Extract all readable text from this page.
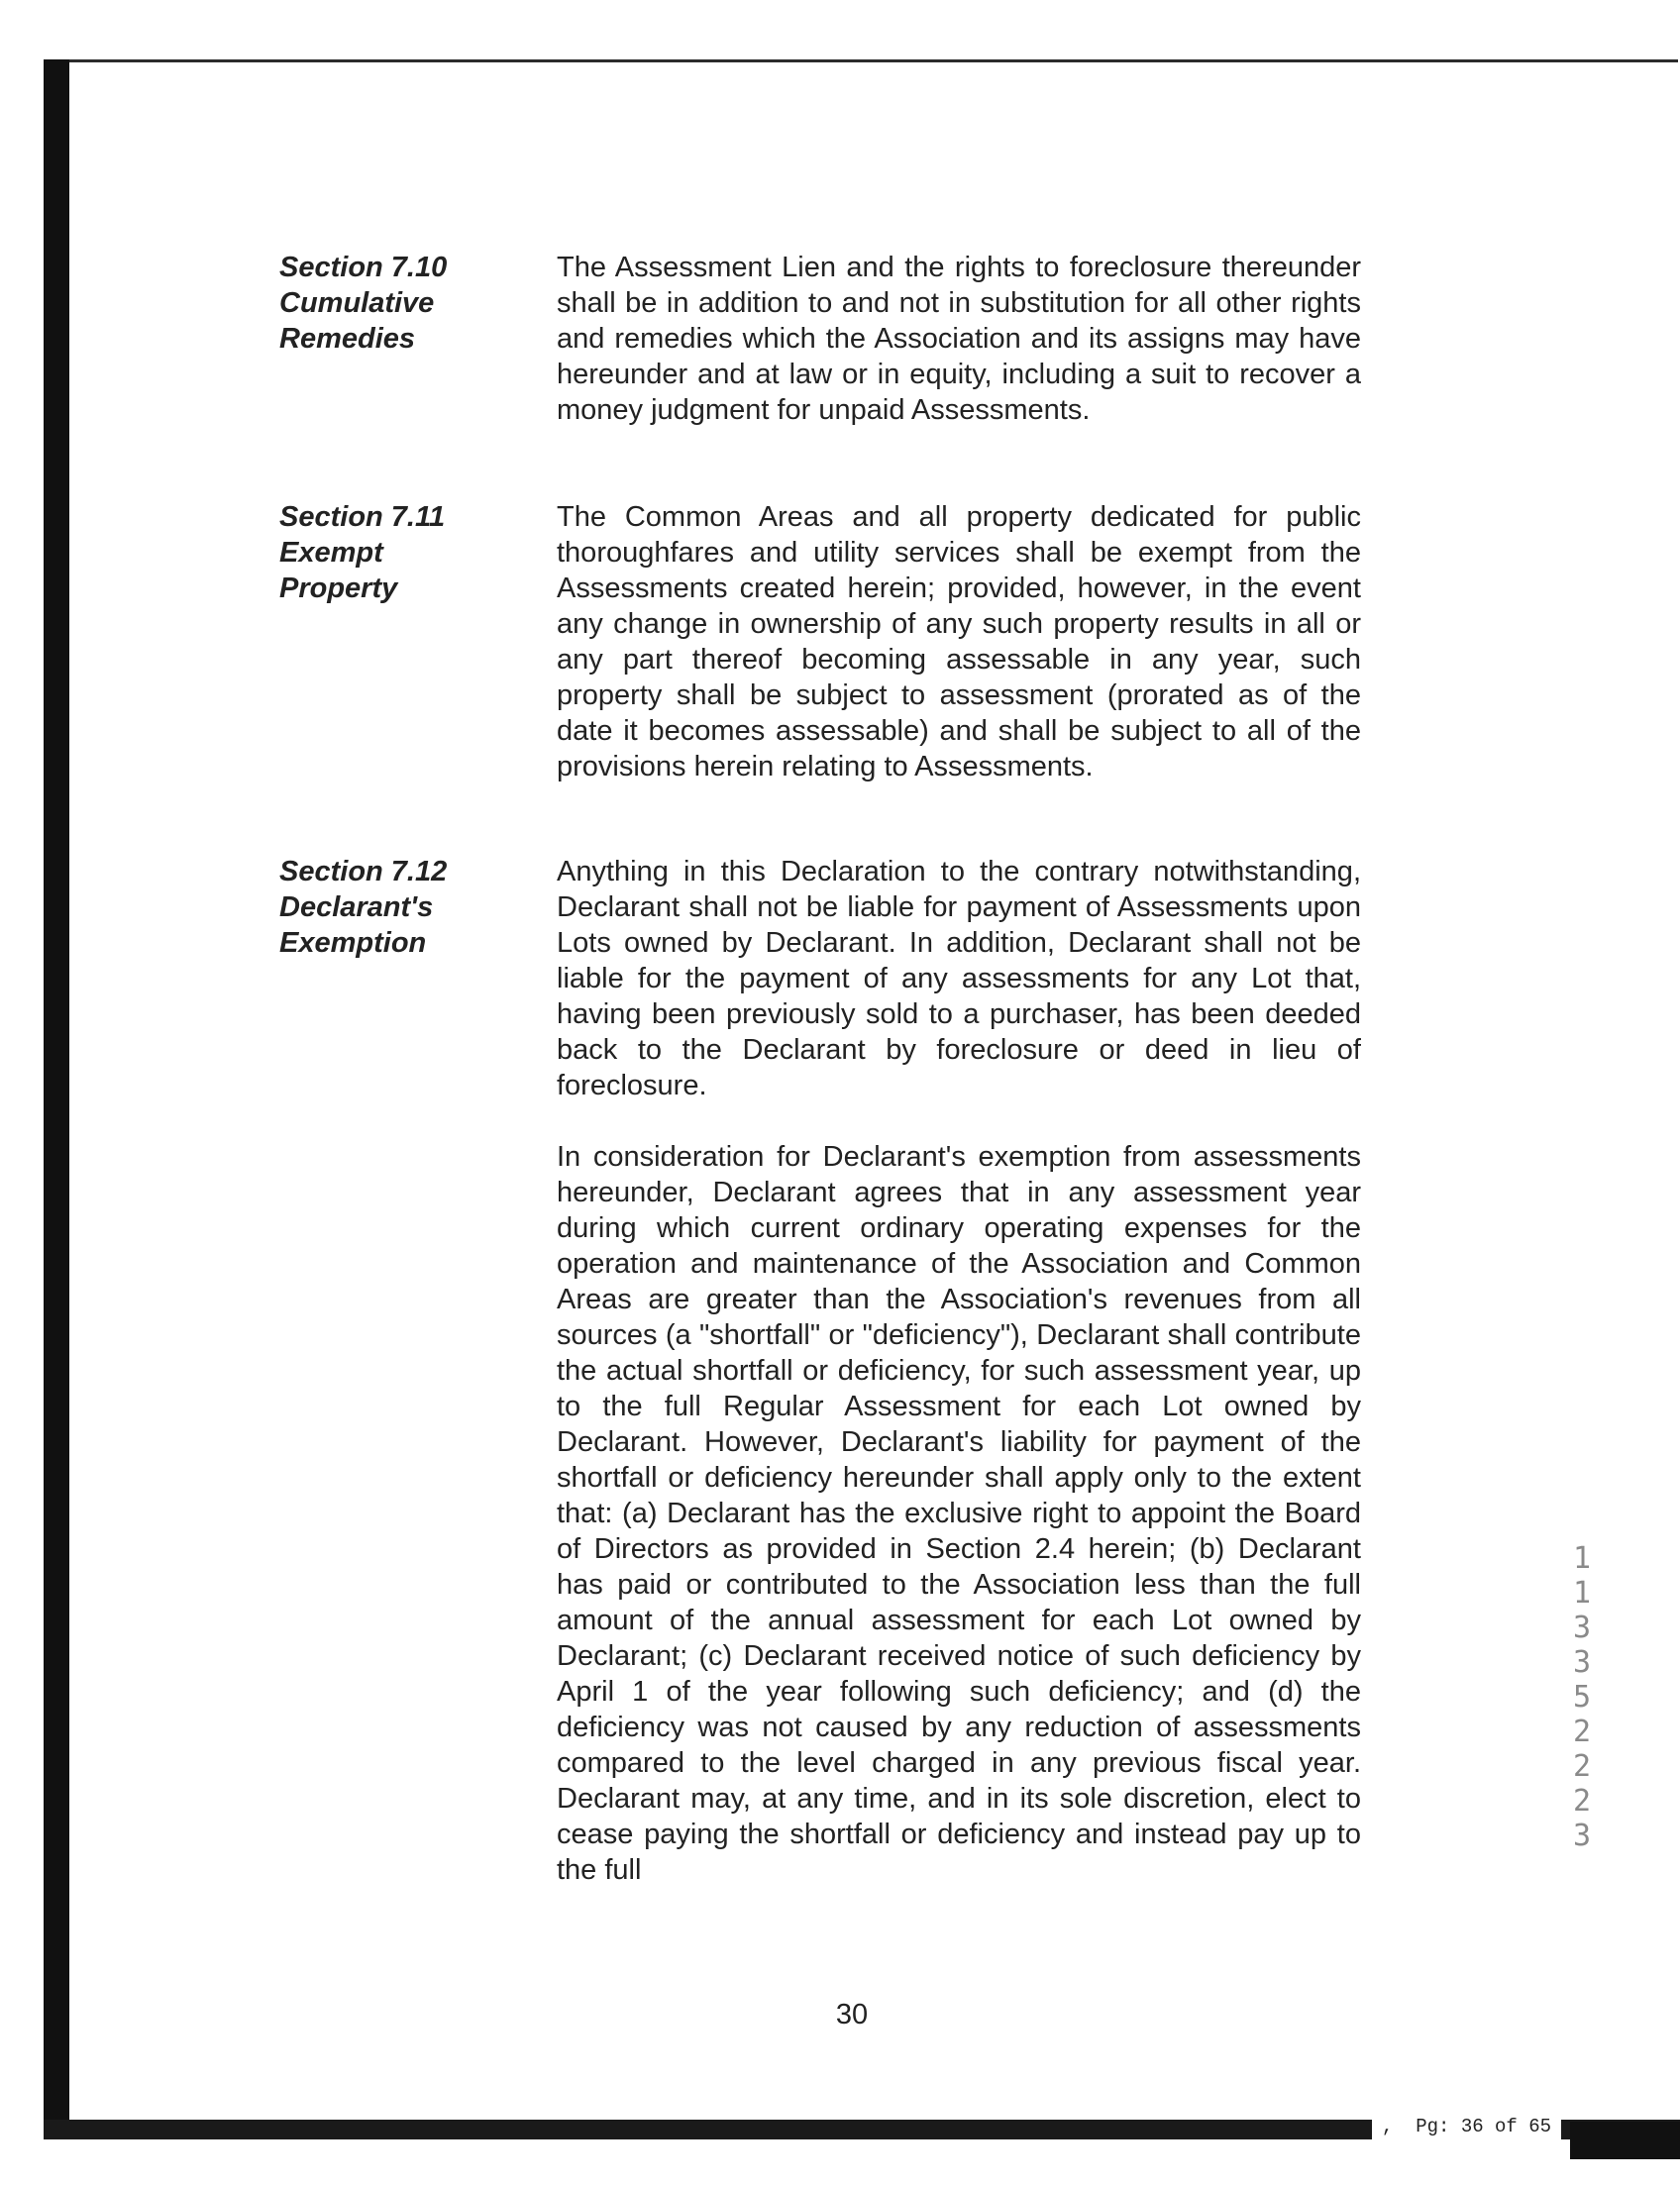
Section 7.10
Cumulative
Remedies
The Assessment Lien and the rights to foreclosure thereunder shall be in addition to and not in substitution for all other rights and remedies which the Association and its assigns may have hereunder and at law or in equity, including a suit to recover a money judgment for unpaid Assessments.
Section 7.11
Exempt
Property
The Common Areas and all property dedicated for public thoroughfares and utility services shall be exempt from the Assessments created herein; provided, however, in the event any change in ownership of any such property results in all or any part thereof becoming assessable in any year, such property shall be subject to assessment (prorated as of the date it becomes assessable) and shall be subject to all of the provisions herein relating to Assessments.
Section 7.12
Declarant's
Exemption
Anything in this Declaration to the contrary notwithstanding, Declarant shall not be liable for payment of Assessments upon Lots owned by Declarant. In addition, Declarant shall not be liable for the payment of any assessments for any Lot that, having been previously sold to a purchaser, has been deeded back to the Declarant by foreclosure or deed in lieu of foreclosure.
In consideration for Declarant's exemption from assessments hereunder, Declarant agrees that in any assessment year during which current ordinary operating expenses for the operation and maintenance of the Association and Common Areas are greater than the Association's revenues from all sources (a "shortfall" or "deficiency"), Declarant shall contribute the actual shortfall or deficiency, for such assessment year, up to the full Regular Assessment for each Lot owned by Declarant. However, Declarant's liability for payment of the shortfall or deficiency hereunder shall apply only to the extent that: (a) Declarant has the exclusive right to appoint the Board of Directors as provided in Section 2.4 herein; (b) Declarant has paid or contributed to the Association less than the full amount of the annual assessment for each Lot owned by Declarant; (c) Declarant received notice of such deficiency by April 1 of the year following such deficiency; and (d) the deficiency was not caused by any reduction of assessments compared to the level charged in any previous fiscal year. Declarant may, at any time, and in its sole discretion, elect to cease paying the shortfall or deficiency and instead pay up to the full
30
11335 2223
,  Pg: 36 of 65
